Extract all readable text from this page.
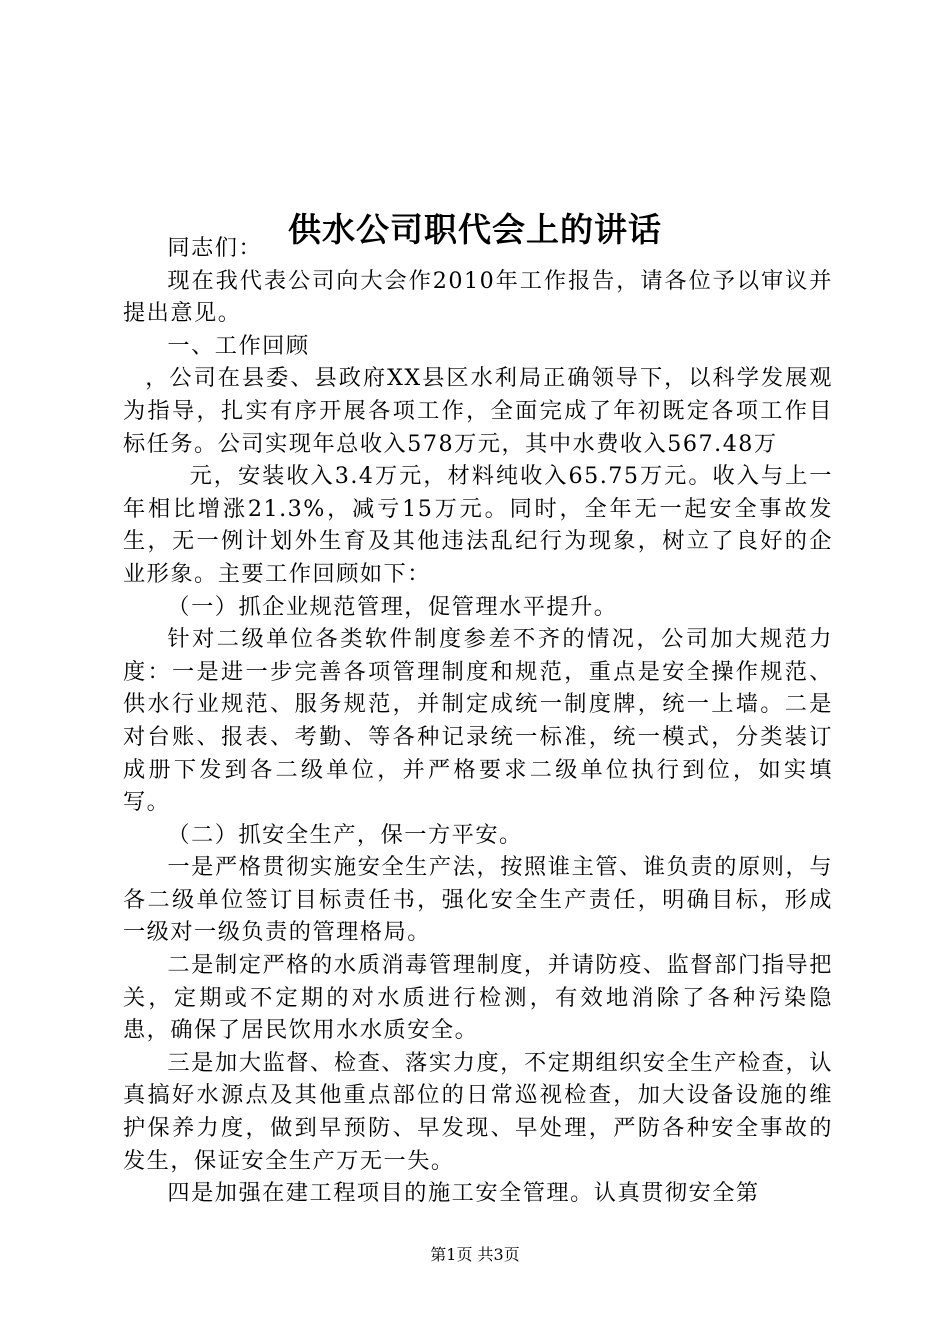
供水公司职代会上的讲话

同志们：

现在我代表公司向大会作2010年工作报告，请各位予以审议并提出意见。

一、工作回顾

，公司在县委、县政府XX县区水利局正确领导下，以科学发展观为指导，扎实有序开展各项工作，全面完成了年初既定各项工作目标任务。公司实现年总收入578万元，其中水费收入567.48万

元，安装收入3.4万元，材料纯收入65.75万元。收入与上一年相比增涨21.3%，减亏15万元。同时，全年无一起安全事故发生，无一例计划外生育及其他违法乱纪行为现象，树立了良好的企业形象。主要工作回顾如下：

（一）抓企业规范管理，促管理水平提升。

针对二级单位各类软件制度参差不齐的情况，公司加大规范力度：一是进一步完善各项管理制度和规范，重点是安全操作规范、供水行业规范、服务规范，并制定成统一制度牌，统一上墙。二是对台账、报表、考勤、等各种记录统一标准，统一模式，分类装订成册下发到各二级单位，并严格要求二级单位执行到位，如实填写。

（二）抓安全生产，保一方平安。

一是严格贯彻实施安全生产法，按照谁主管、谁负责的原则，与各二级单位签订目标责任书，强化安全生产责任，明确目标，形成一级对一级负责的管理格局。

二是制定严格的水质消毒管理制度，并请防疫、监督部门指导把关，定期或不定期的对水质进行检测，有效地消除了各种污染隐患，确保了居民饮用水水质安全。

三是加大监督、检查、落实力度，不定期组织安全生产检查，认真搞好水源点及其他重点部位的日常巡视检查，加大设备设施的维护保养力度，做到早预防、早发现、早处理，严防各种安全事故的发生，保证安全生产万无一失。

四是加强在建工程项目的施工安全管理。认真贯彻安全第

第1页 共3页
